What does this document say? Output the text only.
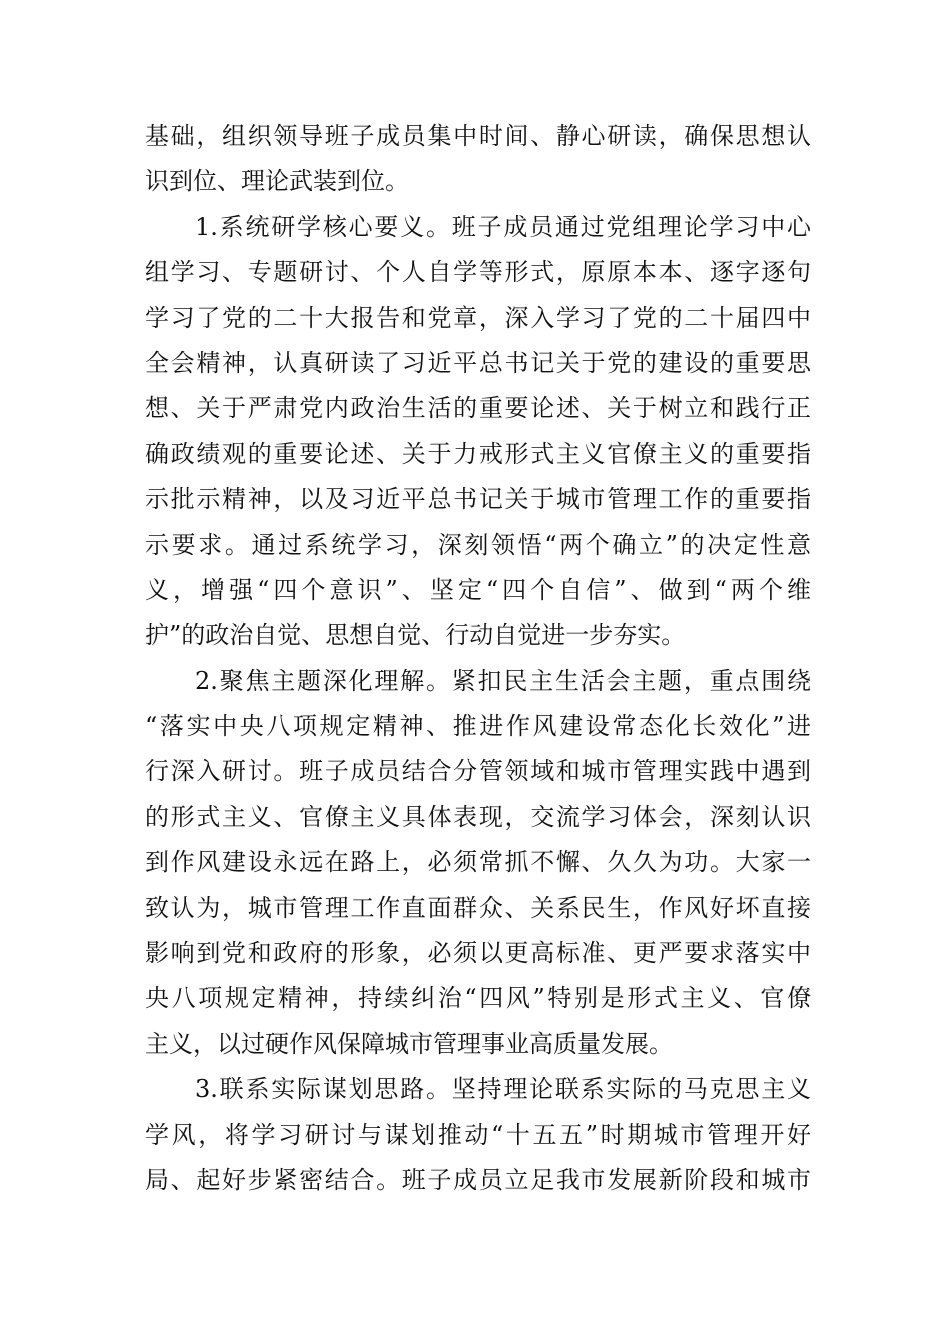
基础，组织领导班子成员集中时间、静心研读，确保思想认
识到位、理论武装到位。
1.系统研学核心要义。班子成员通过党组理论学习中心
组学习、专题研讨、个人自学等形式，原原本本、逐字逐句
学习了党的二十大报告和党章，深入学习了党的二十届四中
全会精神，认真研读了习近平总书记关于党的建设的重要思
想、关于严肃党内政治生活的重要论述、关于树立和践行正
确政绩观的重要论述、关于力戒形式主义官僚主义的重要指
示批示精神，以及习近平总书记关于城市管理工作的重要指
示要求。通过系统学习，深刻领悟“两个确立”的决定性意
义，增强“四个意识”、坚定“四个自信”、做到“两个维
护”的政治自觉、思想自觉、行动自觉进一步夯实。
2.聚焦主题深化理解。紧扣民主生活会主题，重点围绕
“落实中央八项规定精神、推进作风建设常态化长效化”进
行深入研讨。班子成员结合分管领域和城市管理实践中遇到
的形式主义、官僚主义具体表现，交流学习体会，深刻认识
到作风建设永远在路上，必须常抓不懈、久久为功。大家一
致认为，城市管理工作直面群众、关系民生，作风好坏直接
影响到党和政府的形象，必须以更高标准、更严要求落实中
央八项规定精神，持续纠治“四风”特别是形式主义、官僚
主义，以过硬作风保障城市管理事业高质量发展。
3.联系实际谋划思路。坚持理论联系实际的马克思主义
学风，将学习研讨与谋划推动“十五五”时期城市管理开好
局、起好步紧密结合。班子成员立足我市发展新阶段和城市
